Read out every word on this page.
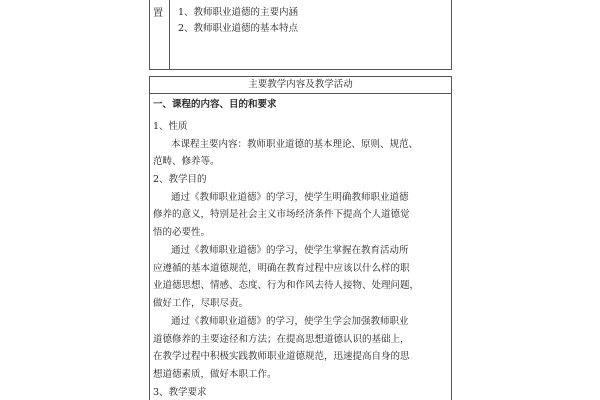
置 1、教师职业道德的主要内涵
2、教师职业道德的基本特点
主要教学内容及教学活动
一、课程的内容、目的和要求
1、性质
本课程主要内容：教师职业道德的基本理论、原则、规范、
范畴、修养等。
2、教学目的
通过《教师职业道德》的学习，使学生明确教师职业道德
修养的意义，特别是社会主义市场经济条件下提高个人道德觉
悟的必要性。
通过《教师职业道德》的学习，使学生掌握在教育活动所
应遵循的基本道德规范，明确在教育过程中应该以什么样的职
业道德思想、情感、态度、行为和作风去待人接物、处理问题，
做好工作，尽职尽责。
通过《教师职业道德》的学习，使学生学会加强教师职业
道德修养的主要途径和方法；在提高思想道德认识的基础上，
在教学过程中积极实践教师职业道德规范，迅速提高自身的思
想道德素质，做好本职工作。
3、教学要求
